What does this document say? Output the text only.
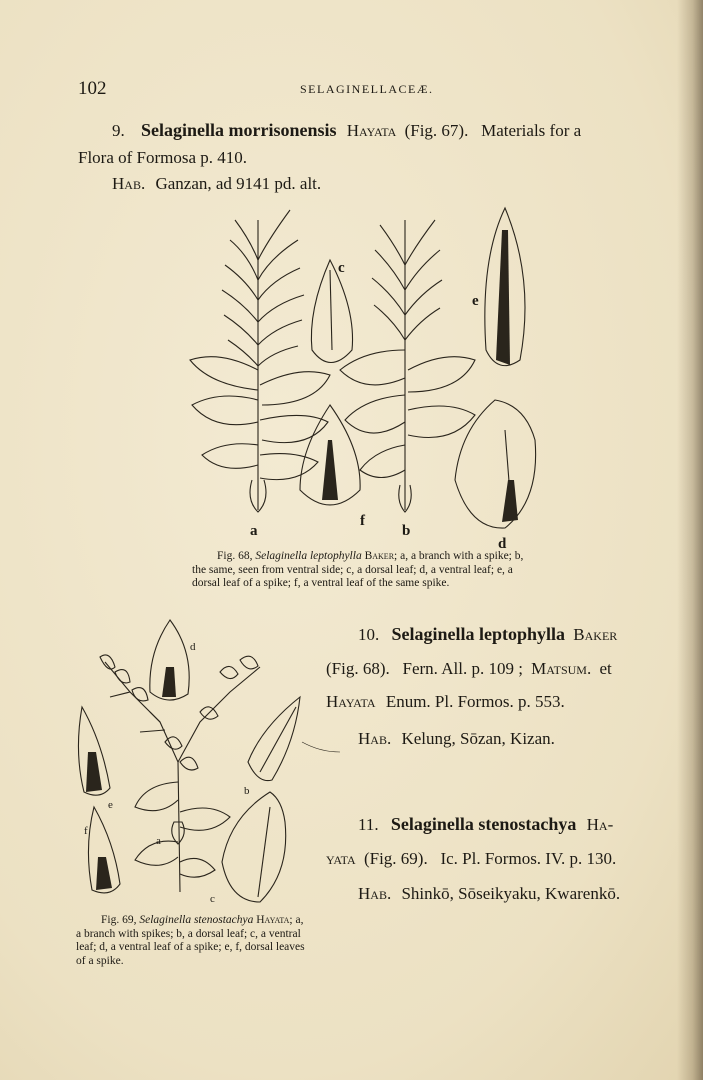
102	SELAGINELLACEÆ.
9. Selaginella morrisonensis Hayata (Fig. 67).   Materials for a
Flora of Formosa p. 410.
Hab. Ganzan, ad 9141 pd. alt.
a	b
c
d
e
f
Fig. 68, Selaginella leptophylla Baker; a, a branch with a spike; b, the same, seen from ventral side; c, a dorsal leaf; d, a ventral leaf; e, a dorsal leaf of a spike; f, a ventral leaf of the same spike.
10. Selaginella leptophylla Baker
(Fig. 68).   Fern. All. p. 109 ; Matsum. et
Hayata Enum. Pl. Formos. p. 553.
Hab. Kelung, Sōzan, Kizan.
11. Selaginella stenostachya Ha-
yata (Fig. 69).   Ic. Pl. Formos. IV. p. 130.
Hab. Shinkō, Sōseikyaku, Kwarenkō.
a
b
c
d
e
f
Fig. 69, Selaginella stenostachya Hayata; a, a branch with spikes; b, a dorsal leaf; c, a ventral leaf; d, a ventral leaf of a spike; e, f, dorsal leaves of a spike.
